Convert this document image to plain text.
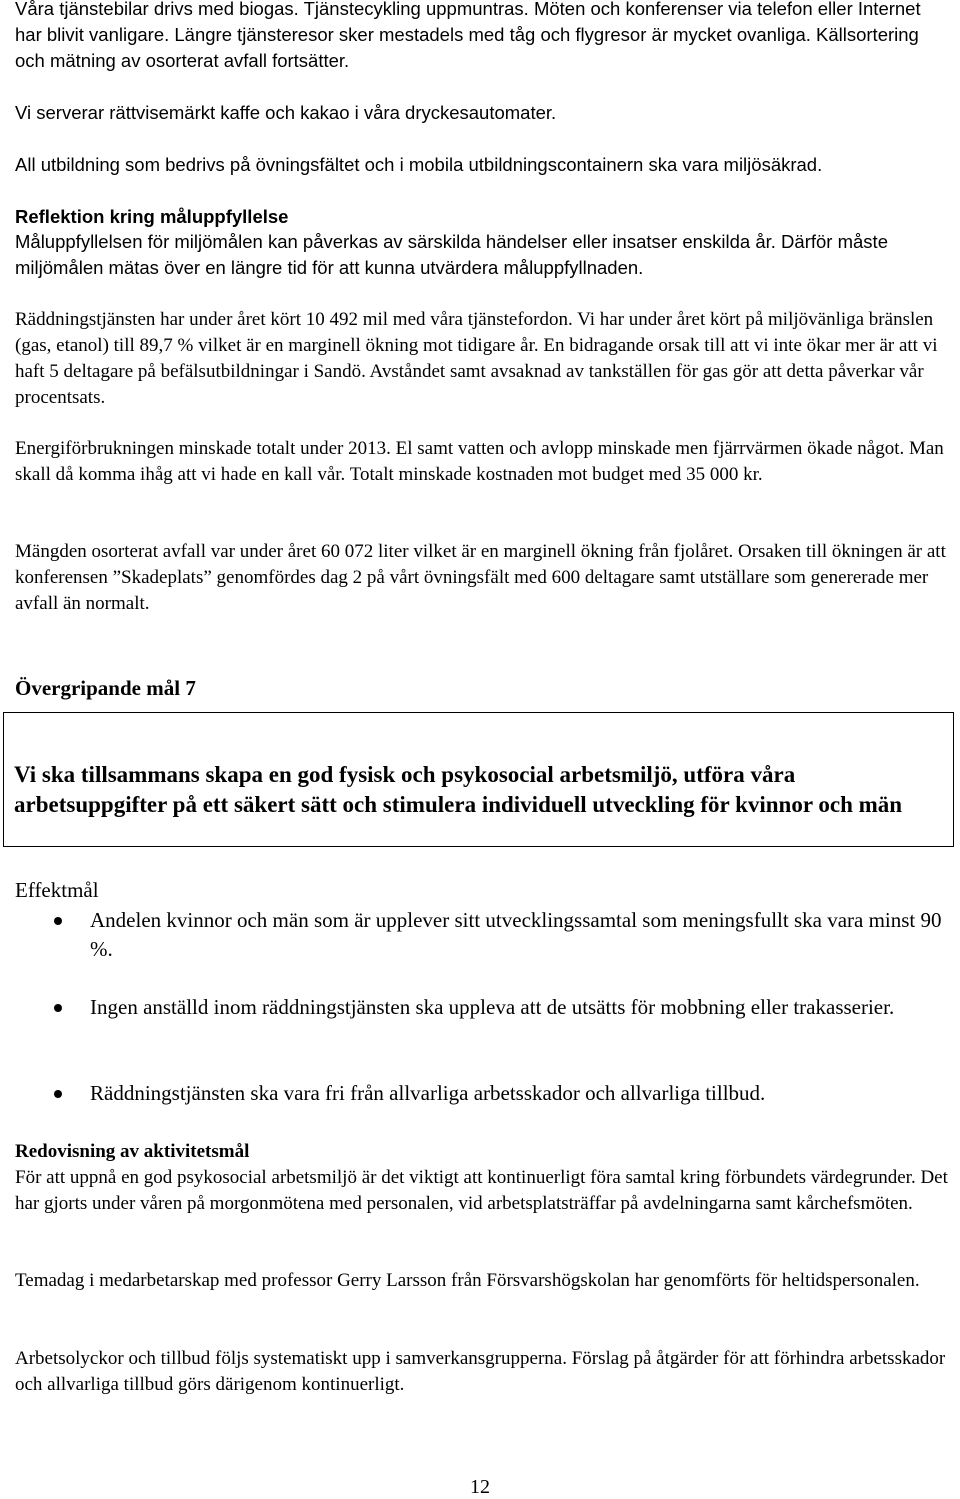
Våra tjänstebilar drivs med biogas. Tjänstecykling uppmuntras. Möten och konferenser via telefon eller Internet har blivit vanligare. Längre tjänsteresor sker mestadels med tåg och flygresor är mycket ovanliga. Källsortering och mätning av osorterat avfall fortsätter.

Vi serverar rättvisemärkt kaffe och kakao i våra dryckesautomater.

All utbildning som bedrivs på övningsfältet och i mobila utbildningscontainern ska vara miljösäkrad.

Reflektion kring måluppfyllelse

Måluppfyllelsen för miljömålen kan påverkas av särskilda händelser eller insatser enskilda år. Därför måste miljömålen mätas över en längre tid för att kunna utvärdera måluppfyllnaden.

Räddningstjänsten har under året kört 10 492 mil med våra tjänstefordon. Vi har under året kört på miljövänliga bränslen (gas, etanol) till 89,7 % vilket är en marginell ökning mot tidigare år. En bidragande orsak till att vi inte ökar mer är att vi haft 5 deltagare på befälsutbildningar i Sandö. Avståndet samt avsaknad av tankställen för gas gör att detta påverkar vår procentsats.

Energiförbrukningen minskade totalt under 2013. El samt vatten och avlopp minskade men fjärrvärmen ökade något. Man skall då komma ihåg att vi hade en kall vår. Totalt minskade kostnaden mot budget med 35 000 kr.

Mängden osorterat avfall var under året 60 072 liter vilket är en marginell ökning från fjolåret. Orsaken till ökningen är att konferensen ”Skadeplats” genomfördes dag 2 på vårt övningsfält med 600 deltagare samt utställare som genererade mer avfall än normalt.

Övergripande mål 7

Vi ska tillsammans skapa en god fysisk och psykosocial arbetsmiljö, utföra våra arbetsuppgifter på ett säkert sätt och stimulera individuell utveckling för kvinnor och män

Effektmål

Andelen kvinnor och män som är upplever sitt utvecklingssamtal som meningsfullt ska vara minst 90 %.

Ingen anställd inom räddningstjänsten ska uppleva att de utsätts för mobbning eller trakasserier.

Räddningstjänsten ska vara fri från allvarliga arbetsskador och allvarliga tillbud.

Redovisning av aktivitetsmål

För att uppnå en god psykosocial arbetsmiljö är det viktigt att kontinuerligt föra samtal kring förbundets värdegrunder. Det har gjorts under våren på morgonmötena med personalen, vid arbetsplatsträffar på avdelningarna samt kårchefsmöten.

Temadag i medarbetarskap med professor Gerry Larsson från Försvarshögskolan har genomförts för heltidspersonalen.

Arbetsolyckor och tillbud följs systematiskt upp i samverkansgrupperna. Förslag på åtgärder för att förhindra arbetsskador och allvarliga tillbud görs därigenom kontinuerligt.

12
